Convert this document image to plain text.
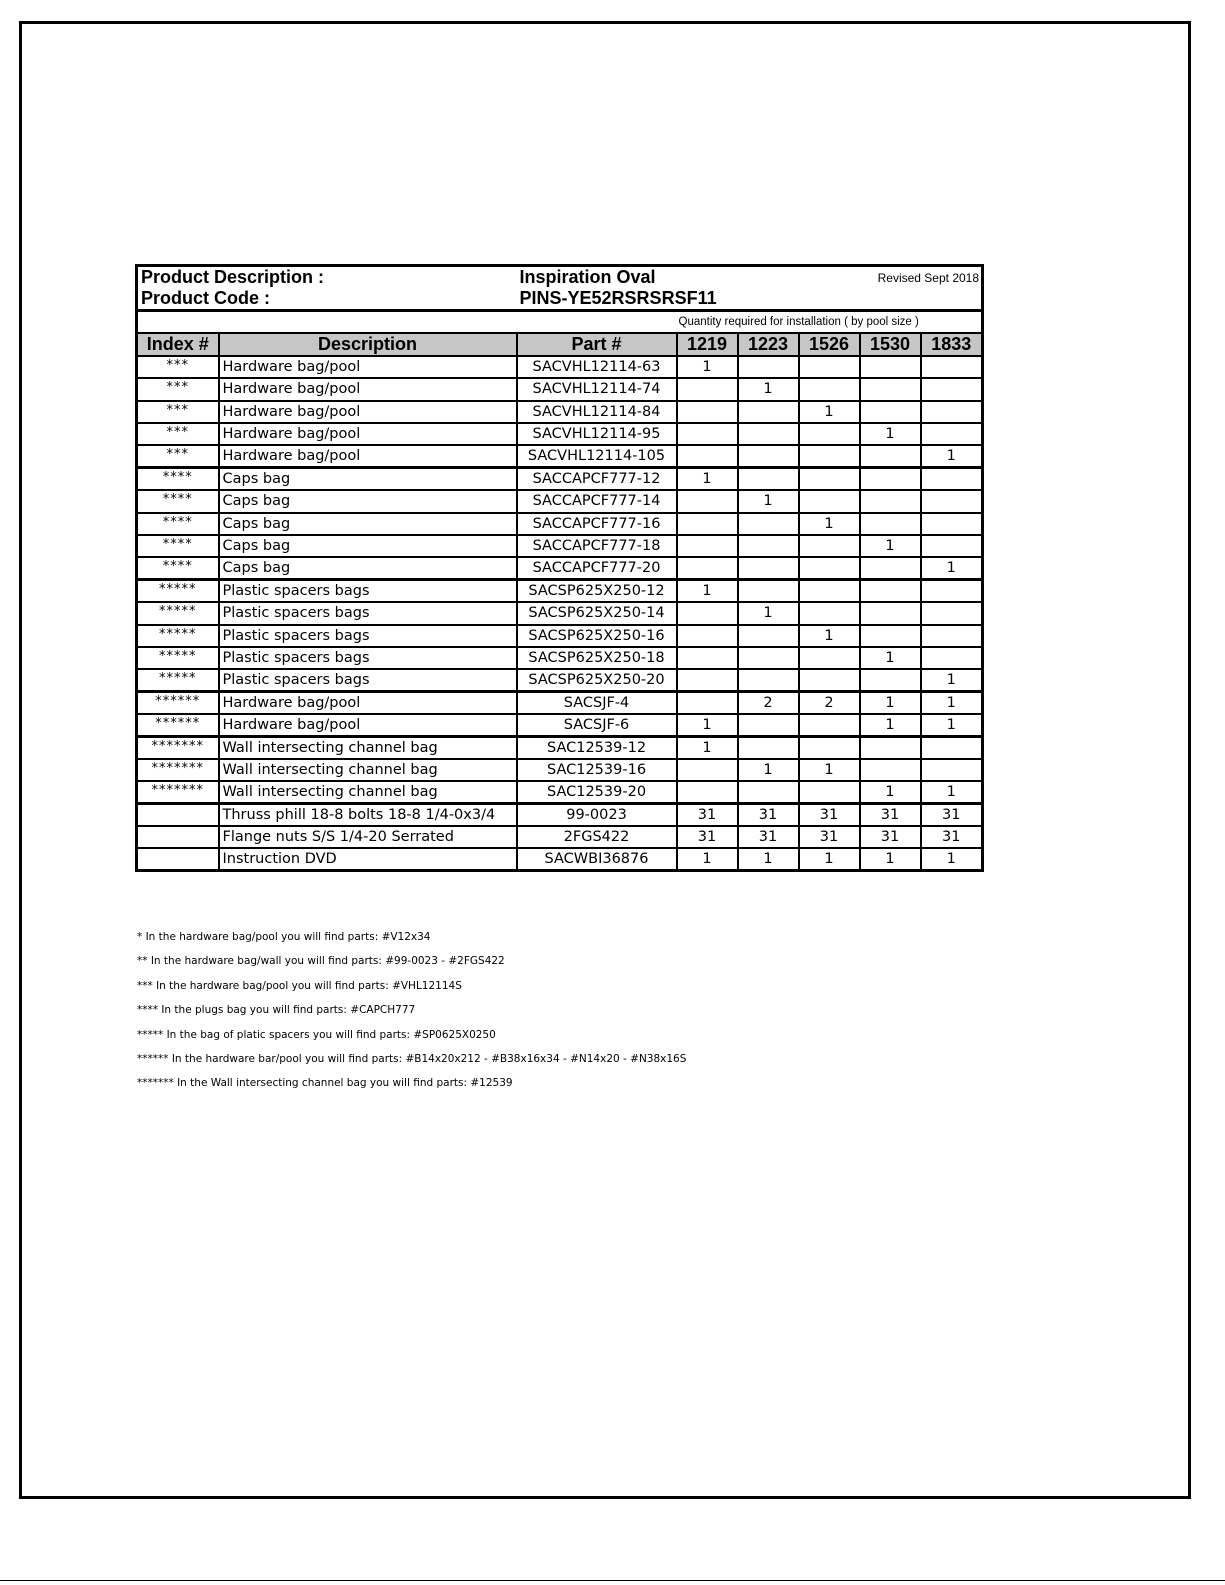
Product Description :		Inspiration Oval			Revised Sept 2018		
Product Code :		PINS-YE52RSRSRSF11					
			Quantity required for installation ( by pool size )				
Index #	Description	Part #	1219	1223	1526	1530	1833
***	Hardware bag/pool	SACVHL12114-63	1				
***	Hardware bag/pool	SACVHL12114-74		1			
***	Hardware bag/pool	SACVHL12114-84			1		
***	Hardware bag/pool	SACVHL12114-95				1	
***	Hardware bag/pool	SACVHL12114-105					1
****	Caps bag	SACCAPCF777-12	1				
****	Caps bag	SACCAPCF777-14		1			
****	Caps bag	SACCAPCF777-16			1		
****	Caps bag	SACCAPCF777-18				1	
****	Caps bag	SACCAPCF777-20					1
*****	Plastic spacers bags	SACSP625X250-12	1				
*****	Plastic spacers bags	SACSP625X250-14		1			
*****	Plastic spacers bags	SACSP625X250-16			1		
*****	Plastic spacers bags	SACSP625X250-18				1	
*****	Plastic spacers bags	SACSP625X250-20					1
******	Hardware bag/pool	SACSJF-4		2	2	1	1
******	Hardware bag/pool	SACSJF-6	1			1	1
*******	Wall intersecting channel bag	SAC12539-12	1				
*******	Wall intersecting channel bag	SAC12539-16		1	1		
*******	Wall intersecting channel bag	SAC12539-20				1	1
	Thruss phill 18-8 bolts 18-8 1/4-0x3/4	99-0023	31	31	31	31	31
	Flange nuts S/S 1/4-20 Serrated	2FGS422	31	31	31	31	31
	Instruction DVD	SACWBI36876	1	1	1	1	1
* In the hardware bag/pool you will find parts: #V12x34
** In the hardware bag/wall you will find parts: #99-0023 - #2FGS422
*** In the hardware bag/pool you will find parts: #VHL12114S
**** In the plugs bag you will find parts: #CAPCH777
***** In the bag of platic spacers you will find parts: #SP0625X0250
****** In the hardware bar/pool you will find parts: #B14x20x212 - #B38x16x34 - #N14x20 - #N38x16S
******* In the Wall intersecting channel bag you will find parts: #12539
